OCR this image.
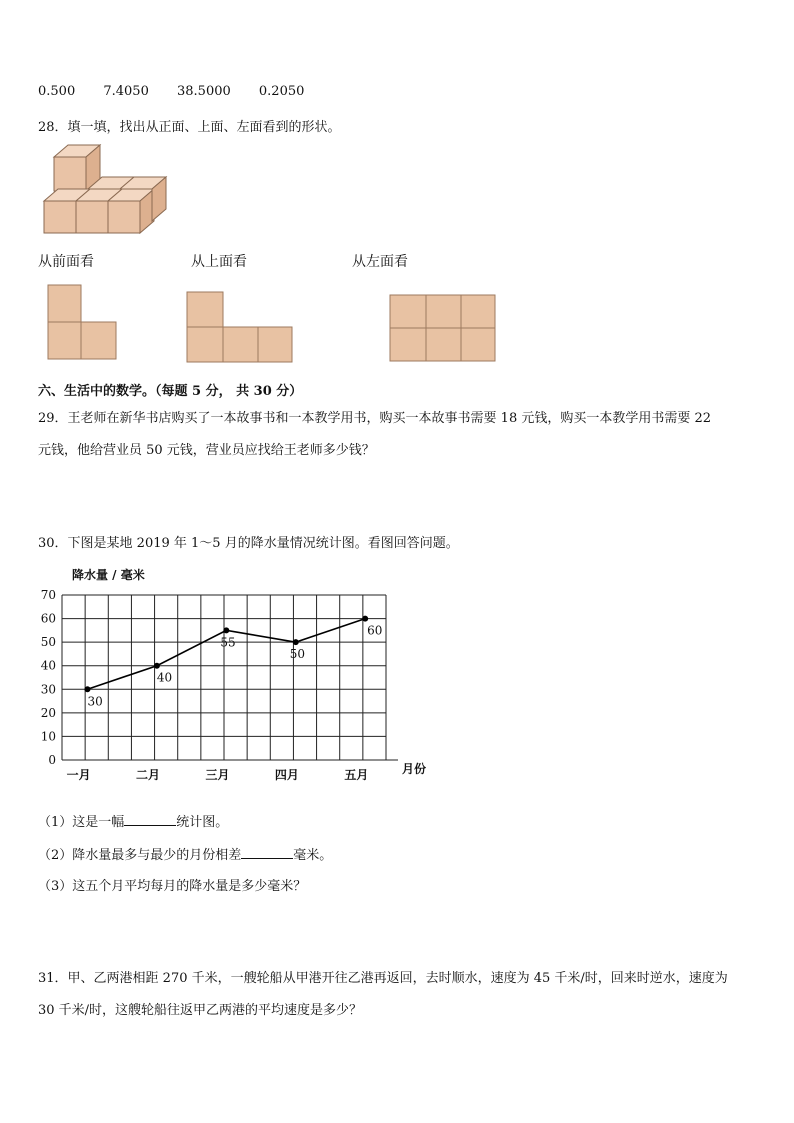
0.500 7.4050 38.5000 0.2050
28．填一填，找出从正面、上面、左面看到的形状。
从前面看	从上面看	从左面看
六、生活中的数学。（每题 5 分， 共 30 分）
29．王老师在新华书店购买了一本故事书和一本教学用书，购买一本故事书需要 18 元钱，购买一本教学用书需要 22
元钱，他给营业员 50 元钱，营业员应找给王老师多少钱？
30．下图是某地 2019 年 1～5 月的降水量情况统计图。看图回答问题。
降水量 / 毫米
0
10
20
30
40
50
60
70
一月	二月	三月	四月	五月
30
40
55
50
60
月份
（1）这是一幅	统计图。
（2）降水量最多与最少的月份相差	毫米。
（3）这五个月平均每月的降水量是多少毫米？
31．甲、乙两港相距 270 千米，一艘轮船从甲港开往乙港再返回，去时顺水，速度为 45 千米/时，回来时逆水，速度为
30 千米/时，这艘轮船往返甲乙两港的平均速度是多少？
